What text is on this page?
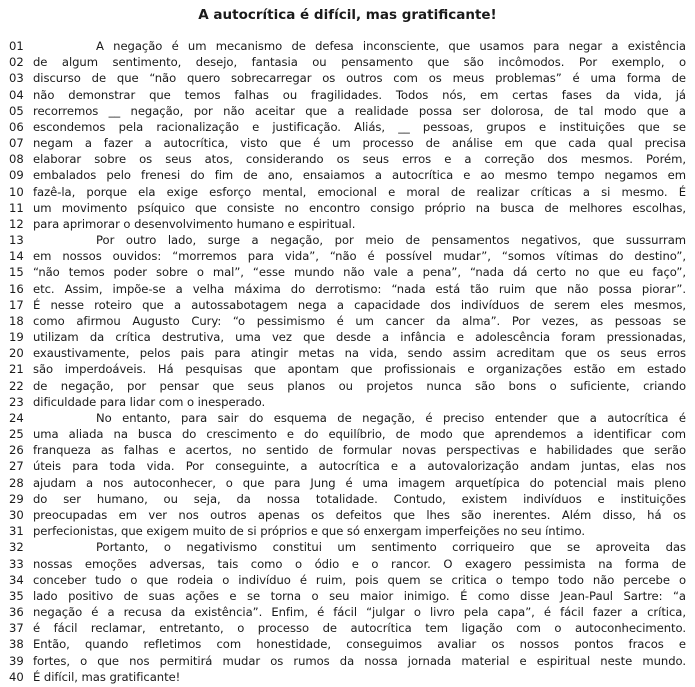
A autocrítica é difícil, mas gratificante!
01	A negação é um mecanismo de defesa inconsciente, que usamos para negar a existência
02 de algum sentimento, desejo, fantasia ou pensamento que são incômodos. Por exemplo, o
03 discurso de que “não quero sobrecarregar os outros com os meus problemas” é uma forma de
04 não demonstrar que temos falhas ou fragilidades. Todos nós, em certas fases da vida, já
05 recorremos __ negação, por não aceitar que a realidade possa ser dolorosa, de tal modo que a
06 escondemos pela racionalização e justificação. Aliás, __ pessoas, grupos e instituições que se
07 negam a fazer a autocrítica, visto que é um processo de análise em que cada qual precisa
08 elaborar sobre os seus atos, considerando os seus erros e a correção dos mesmos. Porém,
09 embalados pelo frenesi do fim de ano, ensaiamos a autocrítica e ao mesmo tempo negamos em
10 fazê-la, porque ela exige esforço mental, emocional e moral de realizar críticas a si mesmo. É
11 um movimento psíquico que consiste no encontro consigo próprio na busca de melhores escolhas,
12 para aprimorar o desenvolvimento humano e espiritual.
13	Por outro lado, surge a negação, por meio de pensamentos negativos, que sussurram
14 em nossos ouvidos: “morremos para vida”, “não é possível mudar”, “somos vítimas do destino”,
15 “não temos poder sobre o mal”, “esse mundo não vale a pena”, “nada dá certo no que eu faço”,
16 etc. Assim, impõe-se a velha máxima do derrotismo: “nada está tão ruim que não possa piorar”.
17 É nesse roteiro que a autossabotagem nega a capacidade dos indivíduos de serem eles mesmos,
18 como afirmou Augusto Cury: “o pessimismo é um cancer da alma”. Por vezes, as pessoas se
19 utilizam da crítica destrutiva, uma vez que desde a infância e adolescência foram pressionadas,
20 exaustivamente, pelos pais para atingir metas na vida, sendo assim acreditam que os seus erros
21 são imperdoáveis. Há pesquisas que apontam que profissionais e organizações estão em estado
22 de negação, por pensar que seus planos ou projetos nunca são bons o suficiente, criando
23 dificuldade para lidar com o inesperado.
24	No entanto, para sair do esquema de negação, é preciso entender que a autocrítica é
25 uma aliada na busca do crescimento e do equilíbrio, de modo que aprendemos a identificar com
26 franqueza as falhas e acertos, no sentido de formular novas perspectivas e habilidades que serão
27 úteis para toda vida. Por conseguinte, a autocrítica e a autovalorização andam juntas, elas nos
28 ajudam a nos autoconhecer, o que para Jung é uma imagem arquetípica do potencial mais pleno
29 do ser humano, ou seja, da nossa totalidade. Contudo, existem indivíduos e instituições
30 preocupadas em ver nos outros apenas os defeitos que lhes são inerentes. Além disso, há os
31 perfecionistas, que exigem muito de si próprios e que só enxergam imperfeições no seu íntimo.
32	Portanto, o negativismo constitui um sentimento corriqueiro que se aproveita das
33 nossas emoções adversas, tais como o ódio e o rancor. O exagero pessimista na forma de
34 conceber tudo o que rodeia o indivíduo é ruim, pois quem se critica o tempo todo não percebe o
35 lado positivo de suas ações e se torna o seu maior inimigo. É como disse Jean-Paul Sartre: “a
36 negação é a recusa da existência”. Enfim, é fácil “julgar o livro pela capa”, é fácil fazer a crítica,
37 é fácil reclamar, entretanto, o processo de autocrítica tem ligação com o autoconhecimento.
38 Então, quando refletimos com honestidade, conseguimos avaliar os nossos pontos fracos e
39 fortes, o que nos permitirá mudar os rumos da nossa jornada material e espiritual neste mundo.
40 É difícil, mas gratificante!
